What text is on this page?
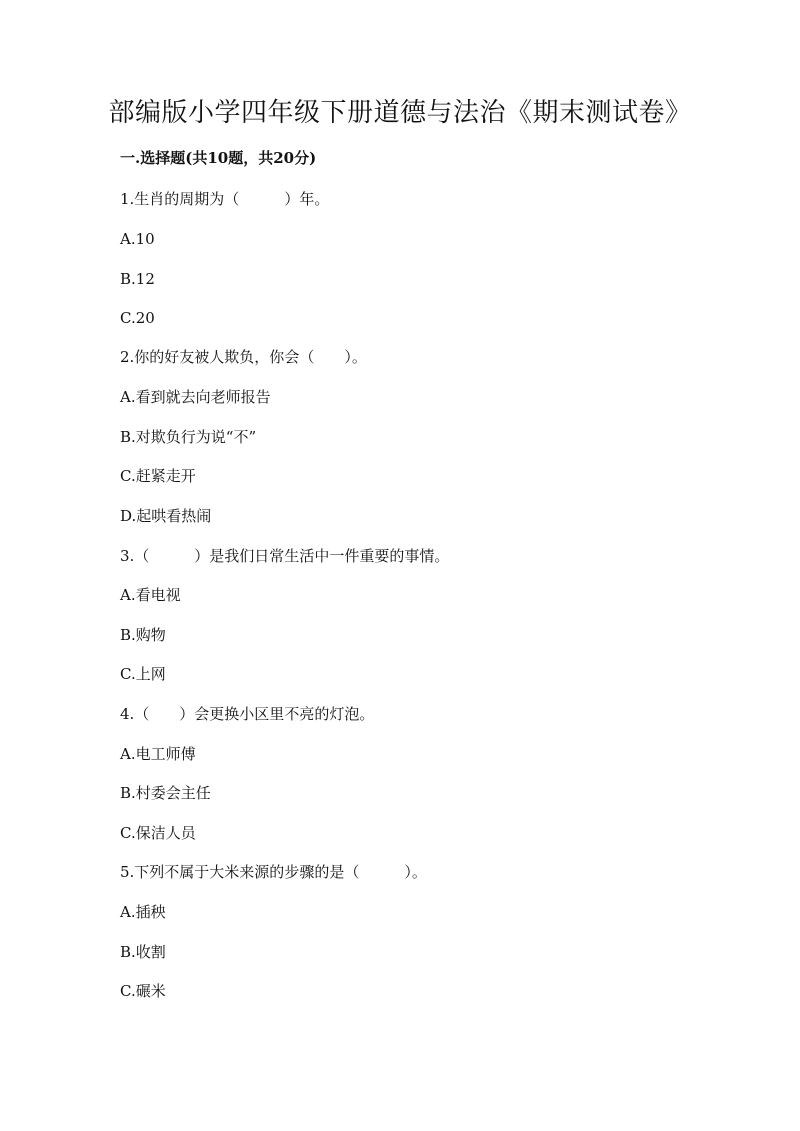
部编版小学四年级下册道德与法治《期末测试卷》
一.选择题(共10题，共20分)
1.生肖的周期为（　　　）年。
A.10
B.12
C.20
2.你的好友被人欺负，你会（　　）。
A.看到就去向老师报告
B.对欺负行为说“不”
C.赶紧走开
D.起哄看热闹
3.（　　　）是我们日常生活中一件重要的事情。
A.看电视
B.购物
C.上网
4.（　　）会更换小区里不亮的灯泡。
A.电工师傅
B.村委会主任
C.保洁人员
5.下列不属于大米来源的步骤的是（　　　）。
A.插秧
B.收割
C.碾米
